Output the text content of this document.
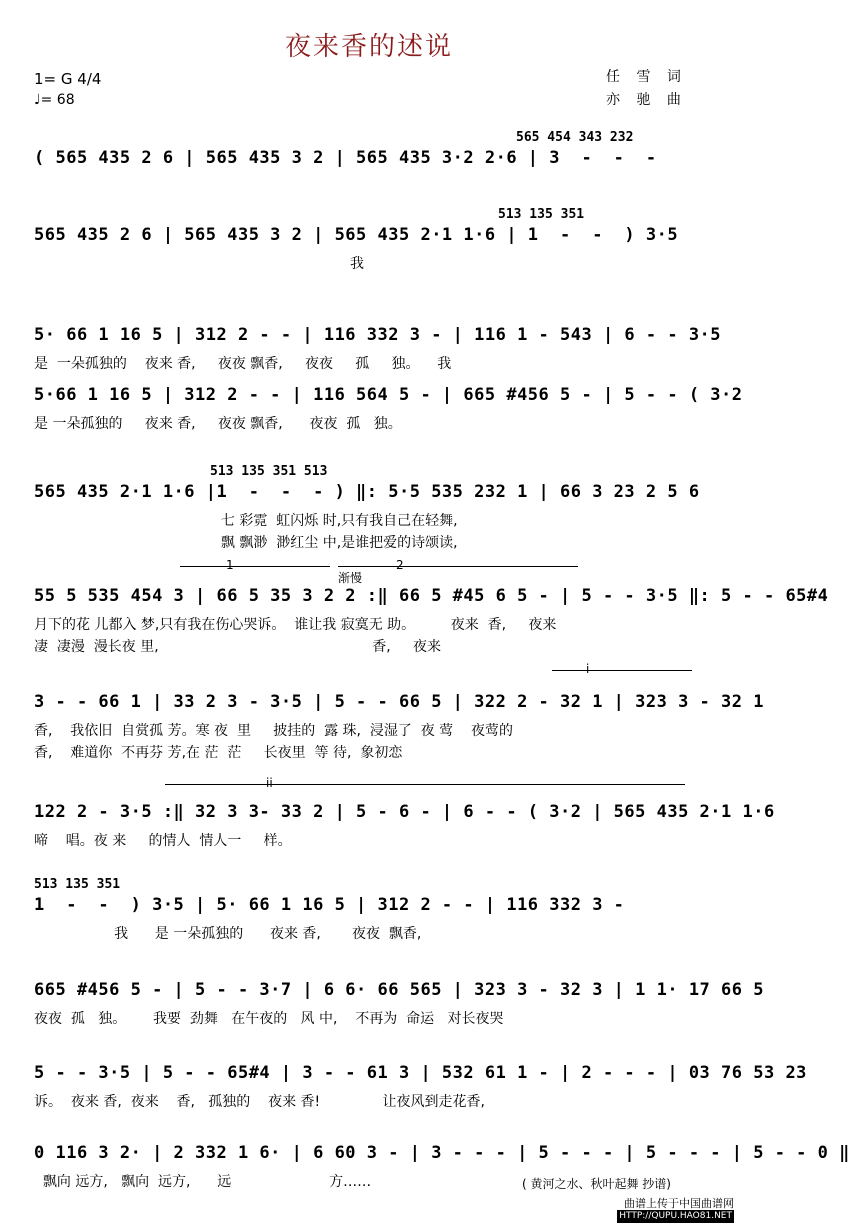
夜来香的述说
1= G 4/4
♩= 68
任 雪 词
亦 驰 曲
565 454 343 232
( 565 435 2 6 | 565 435 3 2 | 565 435 3·2 2·6 | 3  -  -  -
513 135 351
565 435 2 6 | 565 435 3 2 | 565 435 2·1 1·6 | 1  -  -  ) 3·5
我
5· 66 1 16 5 | 312 2 - - | 116 332 3 - | 116 1 - 543 | 6 - - 3·5
是  一朵孤独的    夜来 香,     夜夜 飘香,     夜夜     孤     独。    我
5·66 1 16 5 | 312 2 - - | 116 564 5 - | 665 #456 5 - | 5 - - ( 3·2
是 一朵孤独的     夜来 香,     夜夜 飘香,      夜夜  孤   独。
513 135 351 513
565 435 2·1 1·6 |1  -  -  - ) ‖: 5·5 535 232 1 | 66 3 23 2 5 6
七 彩霓  虹闪烁 时,只有我自己在轻舞,
飘 飘渺  渺红尘 中,是谁把爱的诗颂读,
55 5 535 454 3 | 66 5 35 3 2 2 :‖ 66 5 #45 6 5 - | 5 - - 3·5 ‖: 5 - - 65#4
月下的花 儿都入 梦,只有我在伤心哭诉。  谁让我 寂寞无 助。        夜来  香,     夜来
凄  凄漫  漫长夜 里,                                                香,     夜来
3 - - 66 1 | 33 2 3 - 3·5 | 5 - - 66 5 | 322 2 - 32 1 | 323 3 - 32 1
香,    我依旧  自赏孤 芳。寒 夜  里     披挂的  露 珠,  浸湿了  夜 莺    夜莺的
香,    难道你  不再芬 芳,在 茫  茫     长夜里  等 待,  象初恋
122 2 - 3·5 :‖ 32 3 3- 33 2 | 5 - 6 - | 6 - - ( 3·2 | 565 435 2·1 1·6
啼    唱。夜 来     的情人  情人一     样。
513 135 351
1  -  -  ) 3·5 | 5· 66 1 16 5 | 312 2 - - | 116 332 3 -
我      是 一朵孤独的      夜来 香,       夜夜  飘香,
665 #456 5 - | 5 - - 3·7 | 6 6· 66 565 | 323 3 - 32 3 | 1 1· 17 66 5
夜夜  孤   独。      我要  劲舞   在午夜的   风 中,    不再为  命运   对长夜哭
5 - - 3·5 | 5 - - 65#4 | 3 - - 61 3 | 532 61 1 - | 2 - - - | 03 76 53 23
诉。  夜来 香,  夜来    香,   孤独的    夜来 香!              让夜风到走花香,
0 116 3 2· | 2 332 1 6· | 6 60 3 - | 3 - - - | 5 - - - | 5 - - - | 5 - - 0 ‖
飘向 远方,   飘向  远方,      远                      方……
1	2
渐慢
i
ii
( 黄河之水、秋叶起舞 抄谱)
曲谱上传于中国曲谱网
HTTP://QUPU.HAO81.NET
